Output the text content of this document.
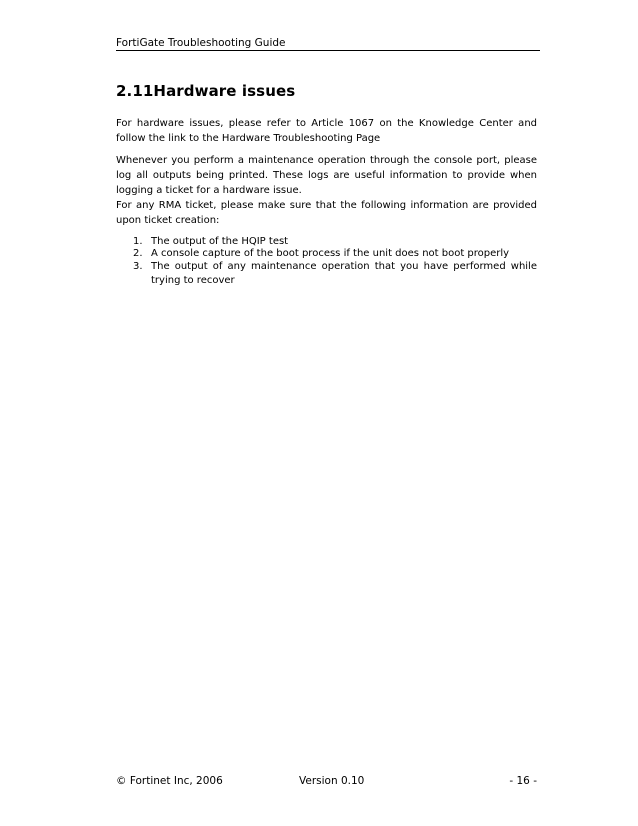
FortiGate Troubleshooting Guide
2.11Hardware issues
For hardware issues, please refer to Article 1067 on the Knowledge Center and follow the link to the Hardware Troubleshooting Page
Whenever you perform a maintenance operation through the console port, please log all outputs being printed. These logs are useful information to provide when logging a ticket for a hardware issue.
For any RMA ticket, please make sure that the following information are provided upon ticket creation:
1. The output of the HQIP test
2. A console capture of the boot process if the unit does not boot properly
3. The output of any maintenance operation that you have performed while trying to recover
© Fortinet Inc, 2006	Version 0.10	- 16 -
